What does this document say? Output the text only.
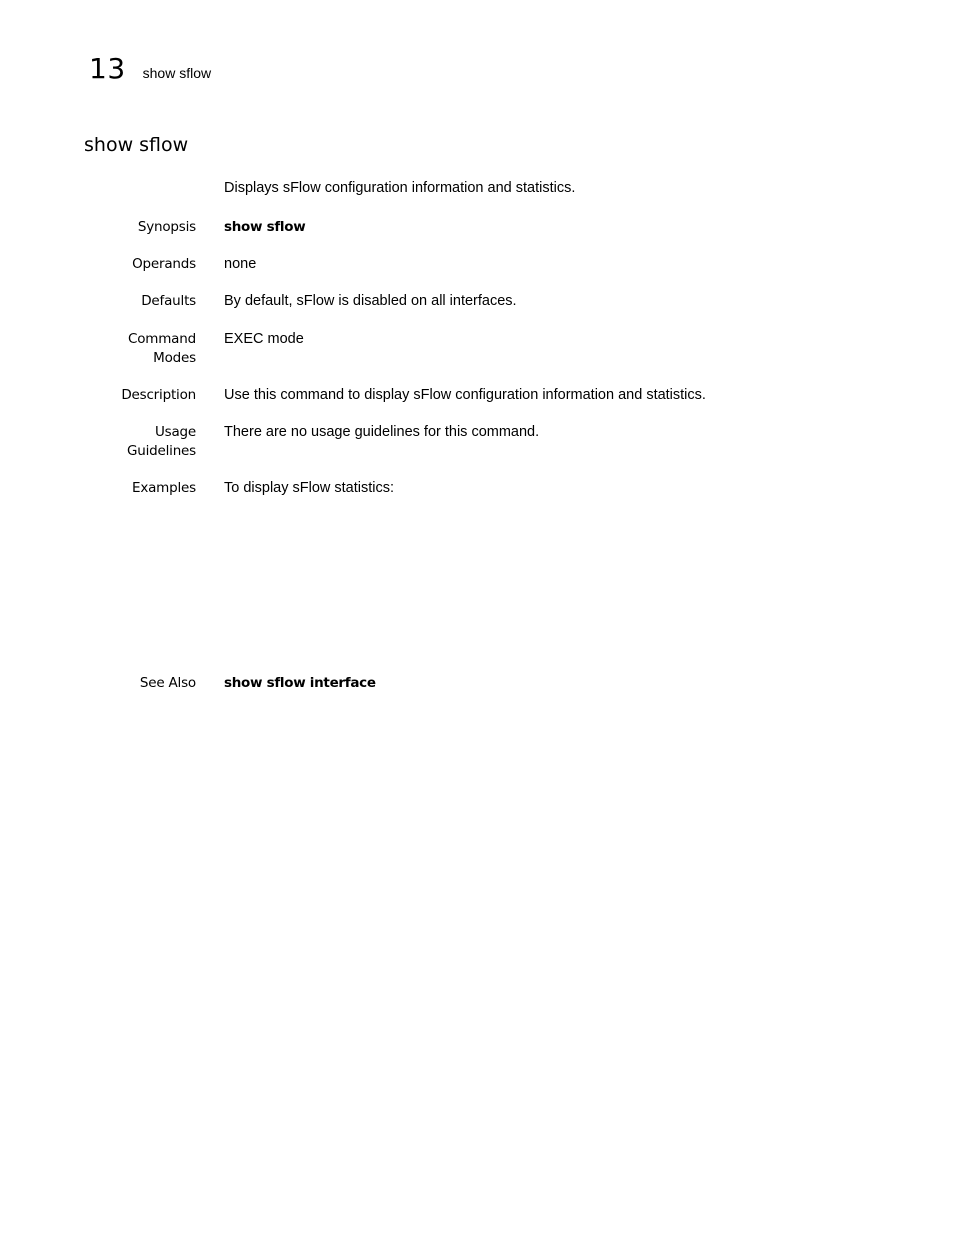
13 show sflow
show sflow
Displays sFlow configuration information and statistics.
Synopsis show sflow
Operands none
Defaults By default, sFlow is disabled on all interfaces.
Command
Modes
EXEC mode
Description Use this command to display sFlow configuration information and statistics.
Usage
Guidelines
There are no usage guidelines for this command.
Examples To display sFlow statistics:
See Also show sflow interface
